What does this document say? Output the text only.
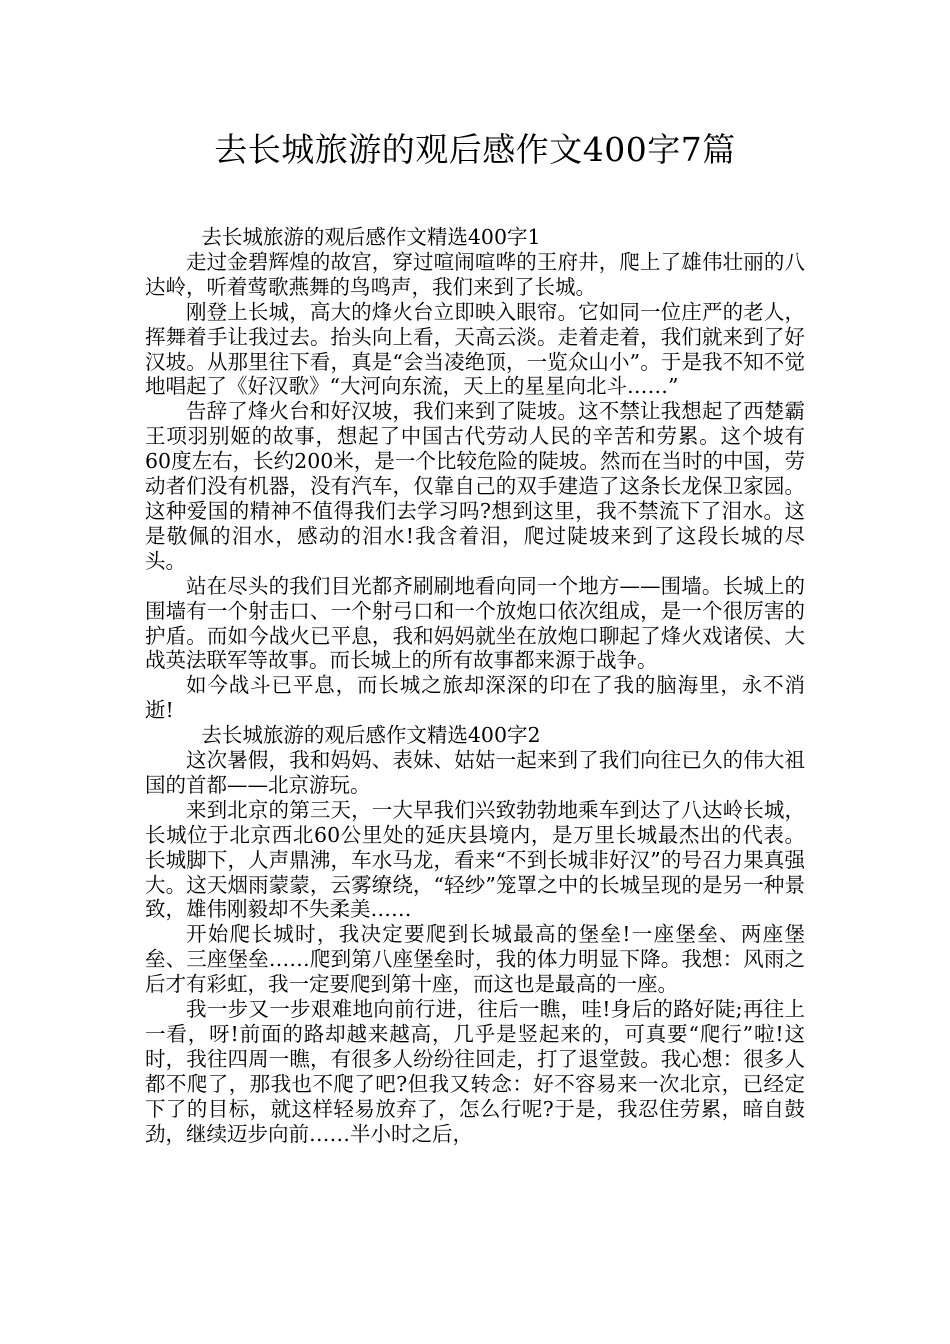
去长城旅游的观后感作文400字7篇

去长城旅游的观后感作文精选400字1

走过金碧辉煌的故宫，穿过喧闹喧哗的王府井，爬上了雄伟壮丽的八达岭，听着莺歌燕舞的鸟鸣声，我们来到了长城。

刚登上长城，高大的烽火台立即映入眼帘。它如同一位庄严的老人，挥舞着手让我过去。抬头向上看，天高云淡。走着走着，我们就来到了好汉坡。从那里往下看，真是“会当凌绝顶，一览众山小”。于是我不知不觉地唱起了《好汉歌》“大河向东流，天上的星星向北斗……”

告辞了烽火台和好汉坡，我们来到了陡坡。这不禁让我想起了西楚霸王项羽别姬的故事，想起了中国古代劳动人民的辛苦和劳累。这个坡有60度左右，长约200米，是一个比较危险的陡坡。然而在当时的中国，劳动者们没有机器，没有汽车，仅靠自己的双手建造了这条长龙保卫家园。这种爱国的精神不值得我们去学习吗?想到这里，我不禁流下了泪水。这是敬佩的泪水，感动的泪水!我含着泪，爬过陡坡来到了这段长城的尽头。

站在尽头的我们目光都齐刷刷地看向同一个地方——围墙。长城上的围墙有一个射击口、一个射弓口和一个放炮口依次组成，是一个很厉害的护盾。而如今战火已平息，我和妈妈就坐在放炮口聊起了烽火戏诸侯、大战英法联军等故事。而长城上的所有故事都来源于战争。

如今战斗已平息，而长城之旅却深深的印在了我的脑海里，永不消逝!

去长城旅游的观后感作文精选400字2

这次暑假，我和妈妈、表妹、姑姑一起来到了我们向往已久的伟大祖国的首都——北京游玩。

来到北京的第三天，一大早我们兴致勃勃地乘车到达了八达岭长城，长城位于北京西北60公里处的延庆县境内，是万里长城最杰出的代表。长城脚下，人声鼎沸，车水马龙，看来“不到长城非好汉”的号召力果真强大。这天烟雨蒙蒙，云雾缭绕，“轻纱”笼罩之中的长城呈现的是另一种景致，雄伟刚毅却不失柔美……

开始爬长城时，我决定要爬到长城最高的堡垒!一座堡垒、两座堡垒、三座堡垒……爬到第八座堡垒时，我的体力明显下降。我想：风雨之后才有彩虹，我一定要爬到第十座，而这也是最高的一座。

我一步又一步艰难地向前行进，往后一瞧，哇!身后的路好陡;再往上一看，呀!前面的路却越来越高，几乎是竖起来的，可真要“爬行”啦!这时，我往四周一瞧，有很多人纷纷往回走，打了退堂鼓。我心想：很多人都不爬了，那我也不爬了吧?但我又转念：好不容易来一次北京，已经定下了的目标，就这样轻易放弃了，怎么行呢?于是，我忍住劳累，暗自鼓劲，继续迈步向前……半小时之后，
